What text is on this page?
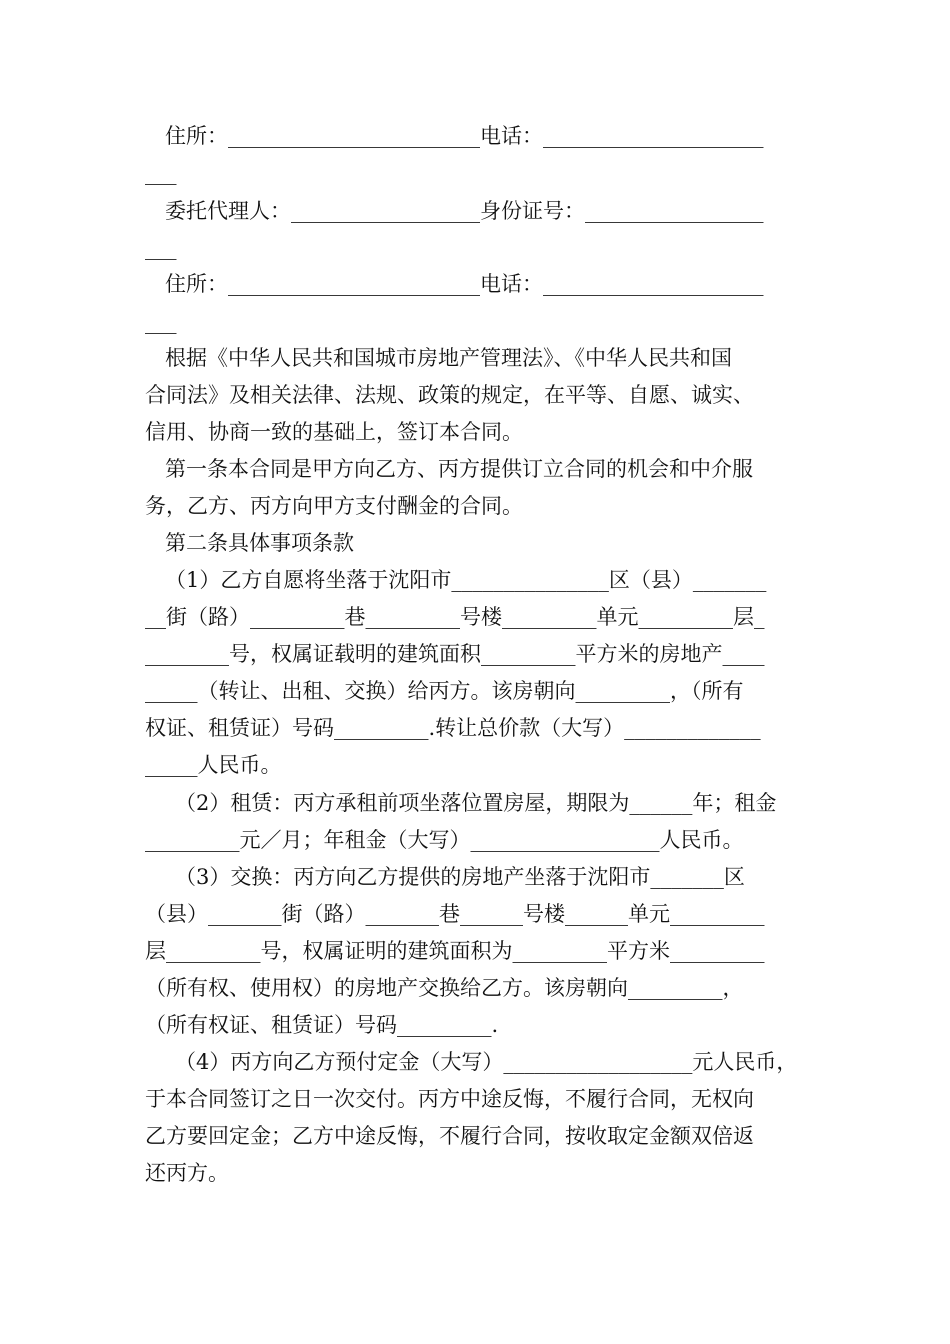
住所：________________________电话：_____________________
___
委托代理人：__________________身份证号：_________________
___
住所：________________________电话：_____________________
___
根据《中华人民共和国城市房地产管理法》、《中华人民共和国
合同法》及相关法律、法规、政策的规定，在平等、自愿、诚实、
信用、协商一致的基础上，签订本合同。
第一条本合同是甲方向乙方、丙方提供订立合同的机会和中介服
务，乙方、丙方向甲方支付酬金的合同。
第二条具体事项条款
（1）乙方自愿将坐落于沈阳市_______________区（县）_______
__街（路）_________巷_________号楼_________单元_________层_
________号，权属证载明的建筑面积_________平方米的房地产____
_____（转让、出租、交换）给丙方。该房朝向_________，（所有
权证、租赁证）号码_________.转让总价款（大写）_____________
_____人民币。
（2）租赁：丙方承租前项坐落位置房屋，期限为______年；租金
_________元／月；年租金（大写）__________________人民币。
（3）交换：丙方向乙方提供的房地产坐落于沈阳市_______区
（县）_______街（路）_______巷______号楼______单元_________
层_________号，权属证明的建筑面积为_________平方米_________
（所有权、使用权）的房地产交换给乙方。该房朝向_________，
（所有权证、租赁证）号码_________.
（4）丙方向乙方预付定金（大写）__________________元人民币，
于本合同签订之日一次交付。丙方中途反悔，不履行合同，无权向
乙方要回定金；乙方中途反悔，不履行合同，按收取定金额双倍返
还丙方。
